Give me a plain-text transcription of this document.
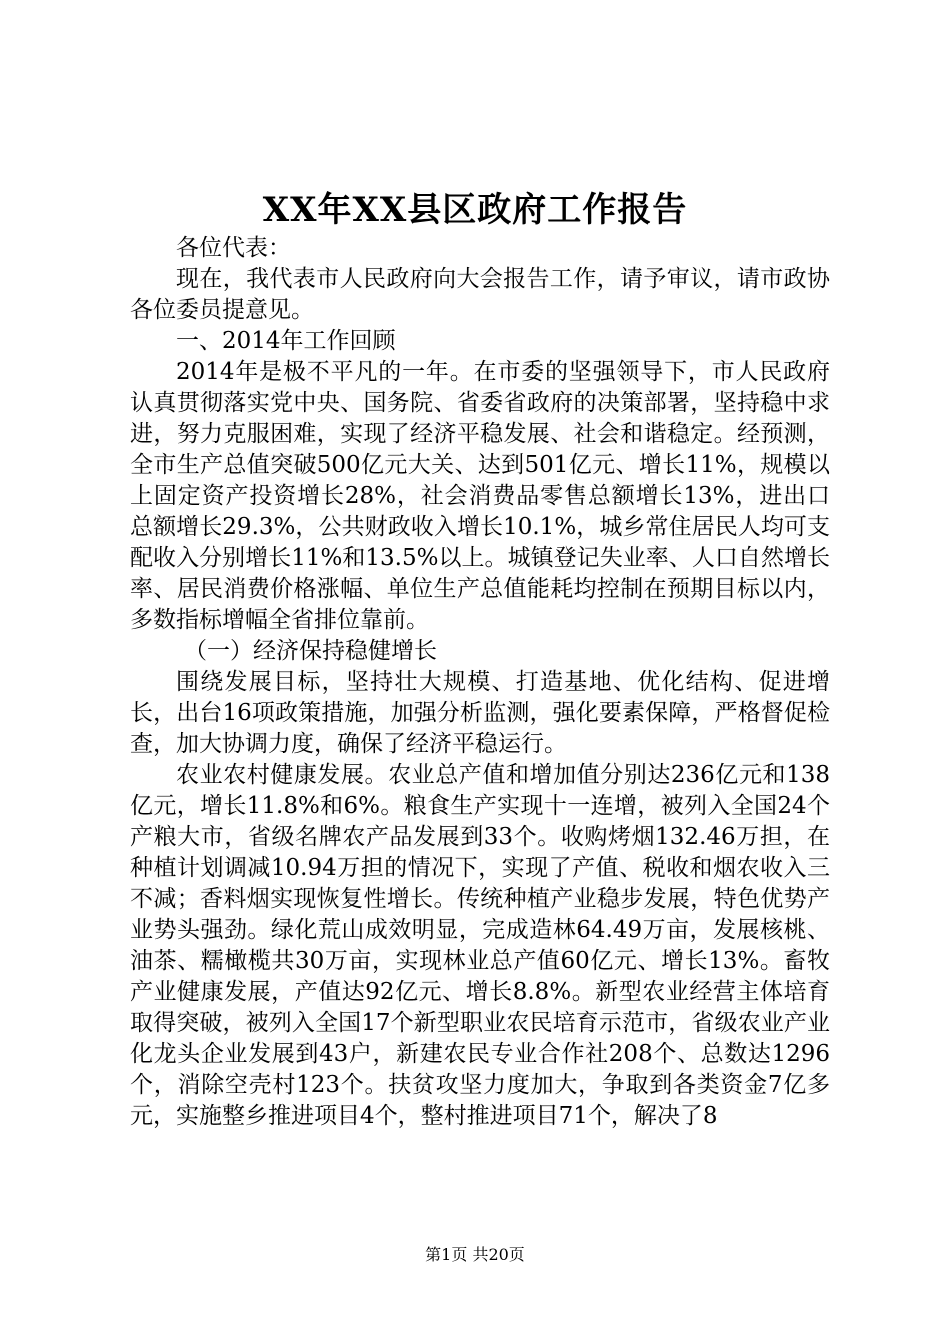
XX年XX县区政府工作报告

各位代表：

现在，我代表市人民政府向大会报告工作，请予审议，请市政协各位委员提意见。

一、2014年工作回顾

2014年是极不平凡的一年。在市委的坚强领导下，市人民政府认真贯彻落实党中央、国务院、省委省政府的决策部署，坚持稳中求进，努力克服困难，实现了经济平稳发展、社会和谐稳定。经预测，全市生产总值突破500亿元大关、达到501亿元、增长11%，规模以上固定资产投资增长28%，社会消费品零售总额增长13%，进出口总额增长29.3%，公共财政收入增长10.1%，城乡常住居民人均可支配收入分别增长11%和13.5%以上。城镇登记失业率、人口自然增长率、居民消费价格涨幅、单位生产总值能耗均控制在预期目标以内，多数指标增幅全省排位靠前。

（一）经济保持稳健增长

围绕发展目标，坚持壮大规模、打造基地、优化结构、促进增长，出台16项政策措施，加强分析监测，强化要素保障，严格督促检查，加大协调力度，确保了经济平稳运行。

农业农村健康发展。农业总产值和增加值分别达236亿元和138亿元，增长11.8%和6%。粮食生产实现十一连增，被列入全国24个产粮大市，省级名牌农产品发展到33个。收购烤烟132.46万担，在种植计划调减10.94万担的情况下，实现了产值、税收和烟农收入三不减；香料烟实现恢复性增长。传统种植产业稳步发展，特色优势产业势头强劲。绿化荒山成效明显，完成造林64.49万亩，发展核桃、油茶、糯橄榄共30万亩，实现林业总产值60亿元、增长13%。畜牧产业健康发展，产值达92亿元、增长8.8%。新型农业经营主体培育取得突破，被列入全国17个新型职业农民培育示范市，省级农业产业化龙头企业发展到43户，新建农民专业合作社208个、总数达1296个，消除空壳村123个。扶贫攻坚力度加大，争取到各类资金7亿多元，实施整乡推进项目4个，整村推进项目71个，解决了8

第1页 共20页
